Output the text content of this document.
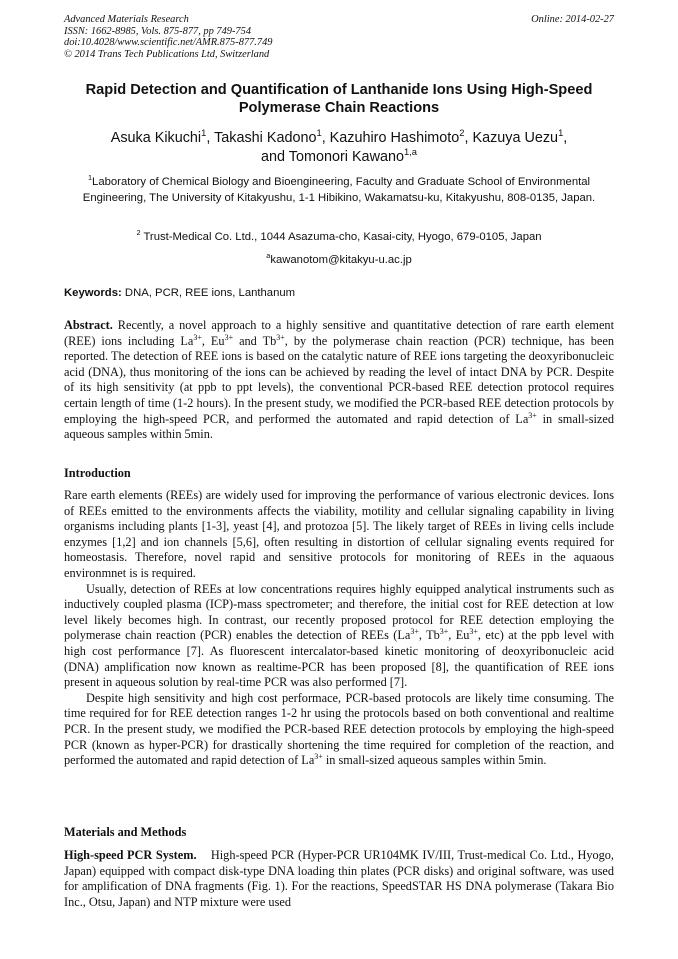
Advanced Materials Research
ISSN: 1662-8985, Vols. 875-877, pp 749-754
doi:10.4028/www.scientific.net/AMR.875-877.749
© 2014 Trans Tech Publications Ltd, Switzerland
Online: 2014-02-27
Rapid Detection and Quantification of Lanthanide Ions Using High-Speed Polymerase Chain Reactions
Asuka Kikuchi$^1$, Takashi Kadono$^1$, Kazuhiro Hashimoto$^2$, Kazuya Uezu$^1$,
and Tomonori Kawano$^{1,a}$
$^1$Laboratory of Chemical Biology and Bioengineering, Faculty and Graduate School of Environmental Engineering, The University of Kitakyushu, 1-1 Hibikino, Wakamatsu-ku, Kitakyushu, 808-0135, Japan.
$^2$ Trust-Medical Co. Ltd., 1044 Asazuma-cho, Kasai-city, Hyogo, 679-0105, Japan
$^a$kawanotom@kitakyu-u.ac.jp
Keywords: DNA, PCR, REE ions, Lanthanum

Abstract. Recently, a novel approach to a highly sensitive and quantitative detection of rare earth element (REE) ions including $La^{3+}$, $Eu^{3+}$ and $Tb^{3+}$, by the polymerase chain reaction (PCR) technique, has been reported. The detection of REE ions is based on the catalytic nature of REE ions targeting the deoxyribonucleic acid (DNA), thus monitoring of the ions can be achieved by reading the level of intact DNA by PCR. Despite of its high sensitivity (at ppb to ppt levels), the conventional PCR-based REE detection protocol requires certain length of time (1-2 hours). In the present study, we modified the PCR-based REE detection protocols by employing the high-speed PCR, and performed the automated and rapid detection of $La^{3+}$ in small-sized aqueous samples within 5min.

Introduction

Rare earth elements (REEs) are widely used for improving the performance of various electronic devices. Ions of REEs emitted to the environments affects the viability, motility and cellular signaling capability in living organisms including plants [1-3], yeast [4], and protozoa [5]. The likely target of REEs in living cells include enzymes [1,2] and ion channels [5,6], often resulting in distortion of cellular signaling events required for homeostasis. Therefore, novel rapid and sensitive protocols for monitoring of REEs in the aquaous environmnet is is required.

Usually, detection of REEs at low concentrations requires highly equipped analytical instruments such as inductively coupled plasma (ICP)-mass spectrometer; and therefore, the initial cost for REE detection at low level likely becomes high. In contrast, our recently proposed protocol for REE detection employing the polymerase chain reaction (PCR) enables the detection of REEs ($La^{3+}$, $Tb^{3+}$, $Eu^{3+}$, etc) at the ppb level with high cost performance [7]. As fluorescent intercalator-based kinetic monitoring of deoxyribonucleic acid (DNA) amplification now known as realtime-PCR has been proposed [8], the quantification of REE ions present in aqueous solution by real-time PCR was also performed [7].

Despite high sensitivity and high cost performace, PCR-based protocols are likely time consuming. The time required for for REE detection ranges 1-2 hr using the protocols based on both conventional and realtime PCR. In the present study, we modified the PCR-based REE detection protocols by employing the high-speed PCR (known as hyper-PCR) for drastically shortening the time required for completion of the reaction, and performed the automated and rapid detection of $La^{3+}$ in small-sized aqueous samples within 5min.

Materials and Methods

High-speed PCR System. High-speed PCR (Hyper-PCR UR104MK IV/III, Trust-medical Co. Ltd., Hyogo, Japan) equipped with compact disk-type DNA loading thin plates (PCR disks) and original software, was used for amplification of DNA fragments (Fig. 1). For the reactions, SpeedSTAR HS DNA polymerase (Takara Bio Inc., Otsu, Japan) and NTP mixture were used
